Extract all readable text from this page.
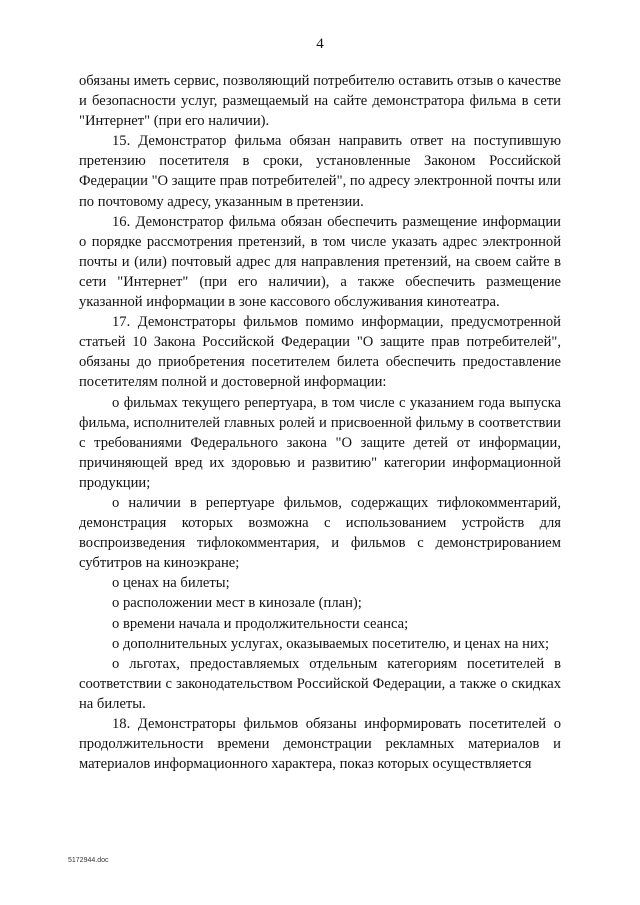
4

обязаны иметь сервис, позволяющий потребителю оставить отзыв о качестве и безопасности услуг, размещаемый на сайте демонстратора фильма в сети "Интернет" (при его наличии).

15. Демонстратор фильма обязан направить ответ на поступившую претензию посетителя в сроки, установленные Законом Российской Федерации "О защите прав потребителей", по адресу электронной почты или по почтовому адресу, указанным в претензии.

16. Демонстратор фильма обязан обеспечить размещение информации о порядке рассмотрения претензий, в том числе указать адрес электронной почты и (или) почтовый адрес для направления претензий, на своем сайте в сети "Интернет" (при его наличии), а также обеспечить размещение указанной информации в зоне кассового обслуживания кинотеатра.

17. Демонстраторы фильмов помимо информации, предусмотренной статьей 10 Закона Российской Федерации "О защите прав потребителей", обязаны до приобретения посетителем билета обеспечить предоставление посетителям полной и достоверной информации:

о фильмах текущего репертуара, в том числе с указанием года выпуска фильма, исполнителей главных ролей и присвоенной фильму в соответствии с требованиями Федерального закона "О защите детей от информации, причиняющей вред их здоровью и развитию" категории информационной продукции;

о наличии в репертуаре фильмов, содержащих тифлокомментарий, демонстрация которых возможна с использованием устройств для воспроизведения тифлокомментария, и фильмов с демонстрированием субтитров на киноэкране;

о ценах на билеты;

о расположении мест в кинозале (план);

о времени начала и продолжительности сеанса;

о дополнительных услугах, оказываемых посетителю, и ценах на них;

о льготах, предоставляемых отдельным категориям посетителей в соответствии с законодательством Российской Федерации, а также о скидках на билеты.

18. Демонстраторы фильмов обязаны информировать посетителей о продолжительности времени демонстрации рекламных материалов и материалов информационного характера, показ которых осуществляется

5172944.doc
